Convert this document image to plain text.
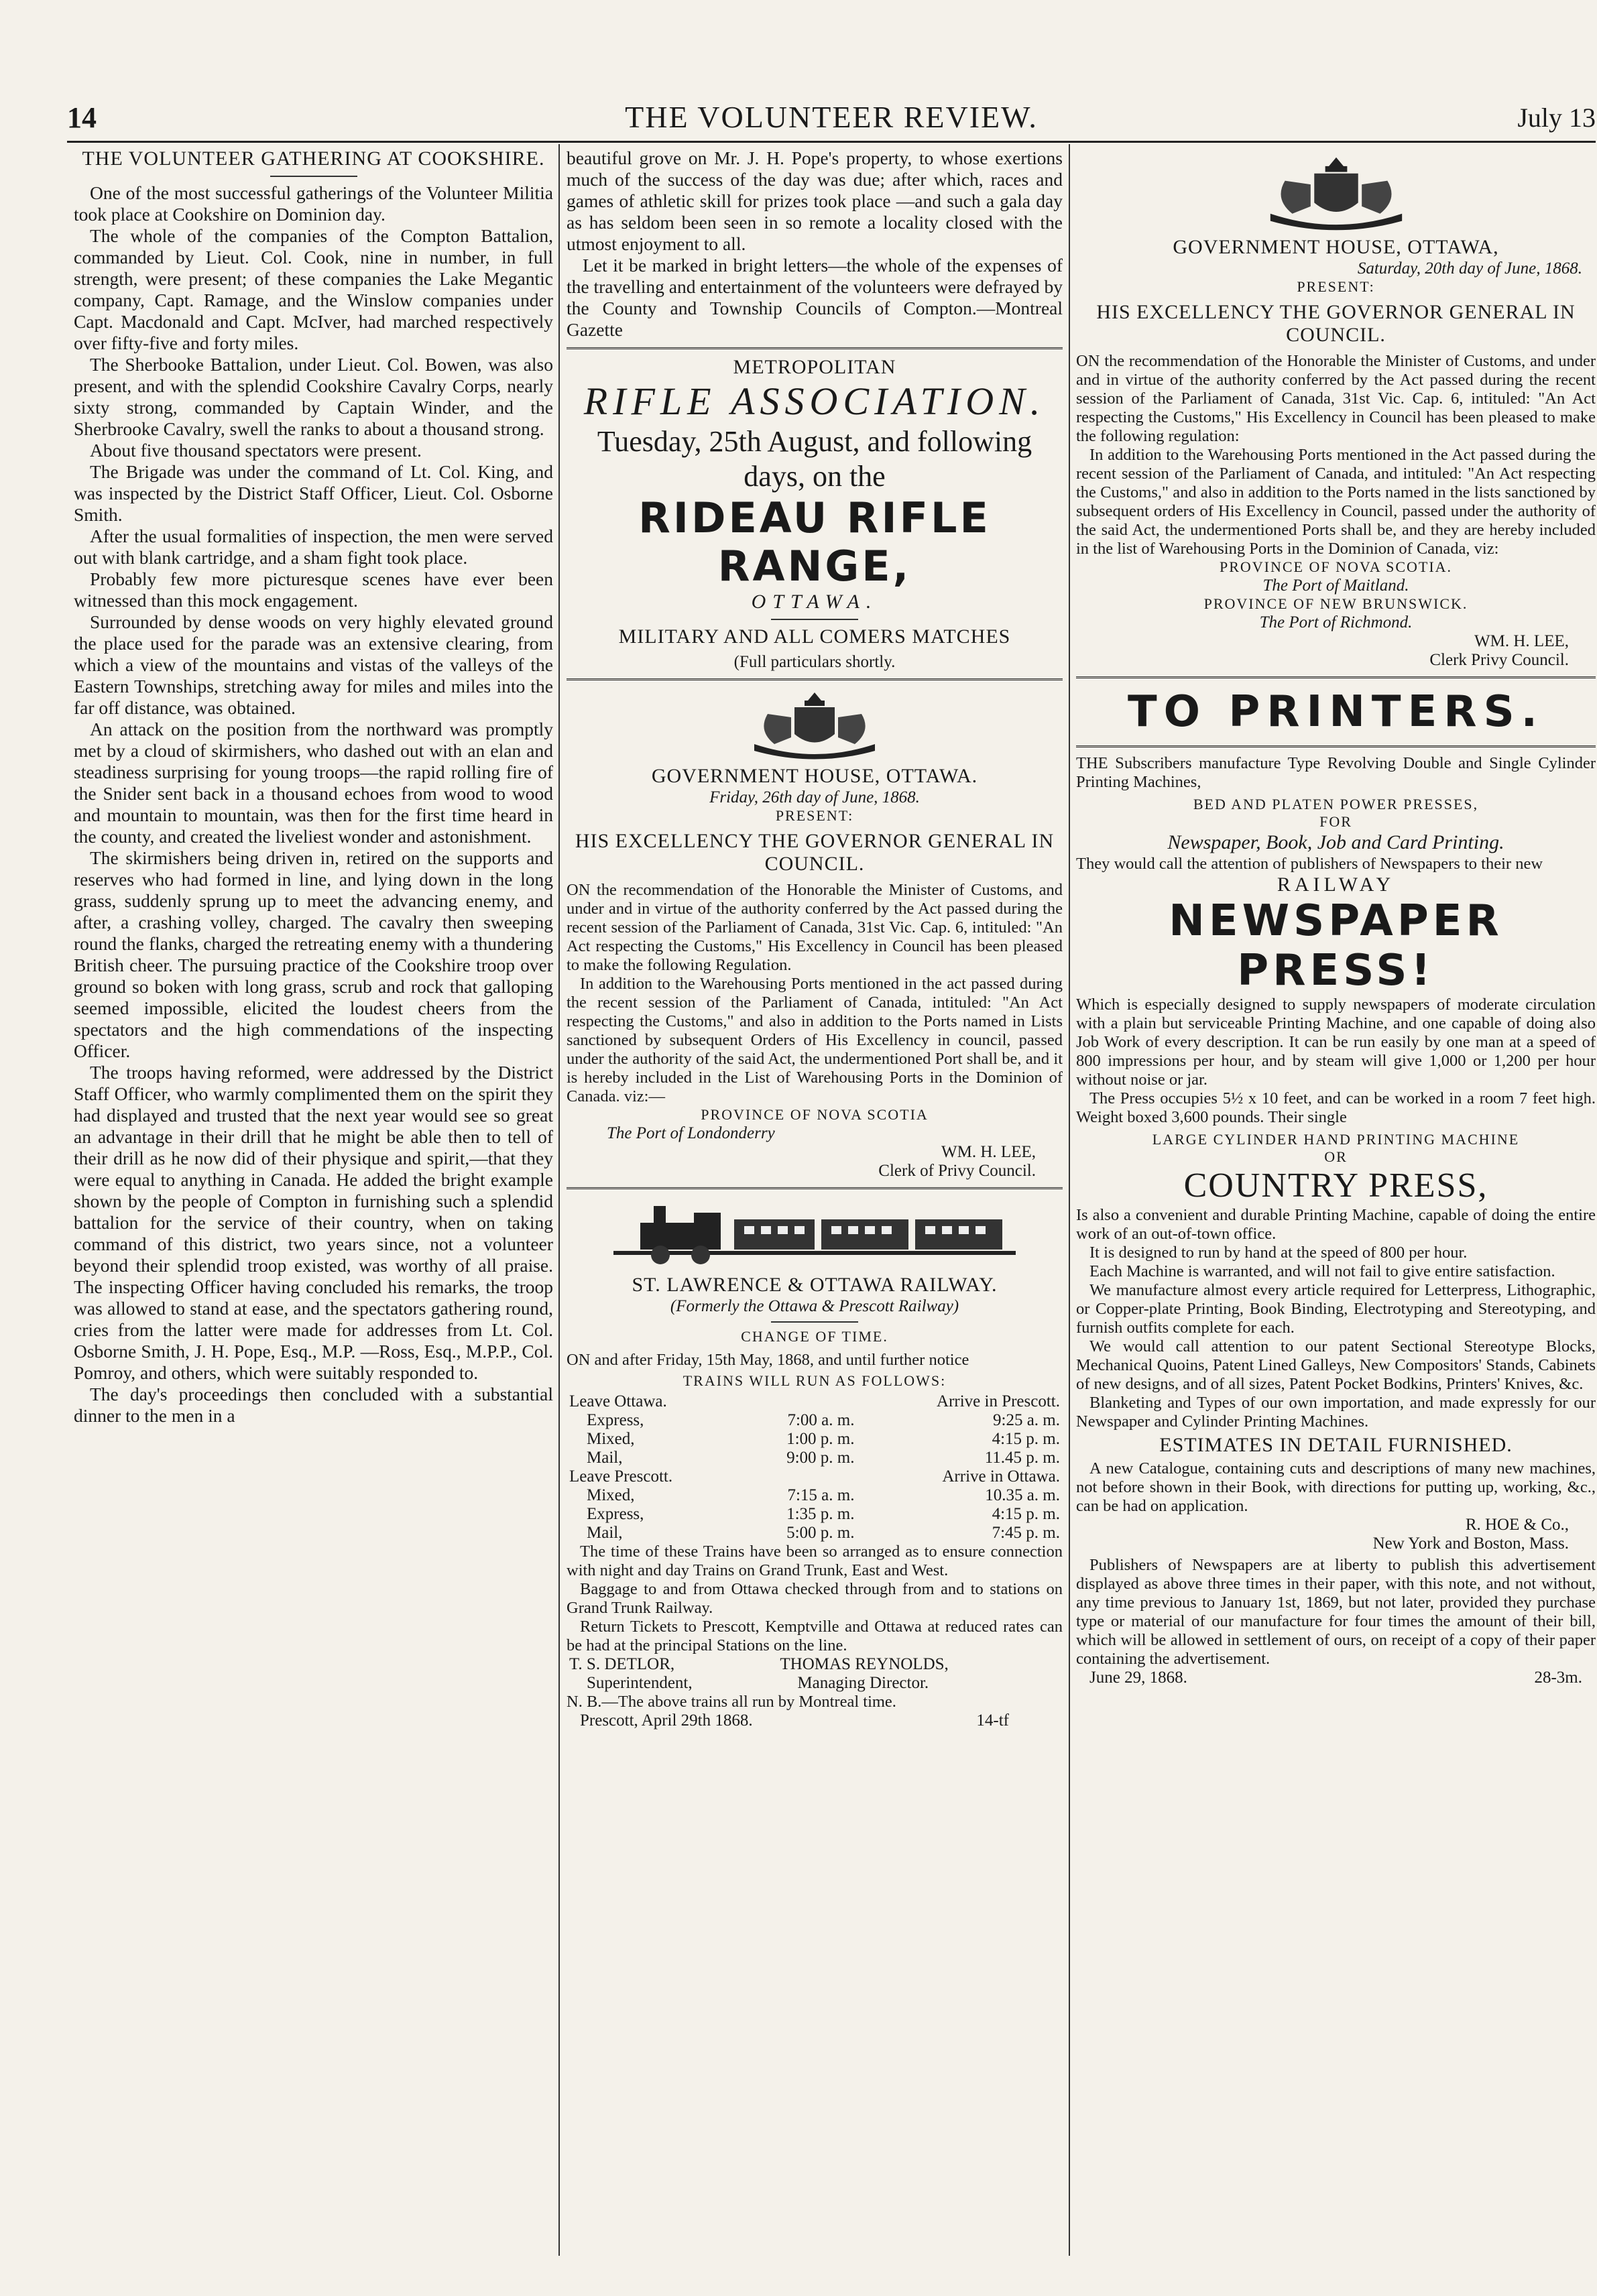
14	THE VOLUNTEER REVIEW.	July 13
THE VOLUNTEER GATHERING AT COOKSHIRE.

One of the most successful gatherings of the Volunteer Militia took place at Cookshire on Dominion day.

The whole of the companies of the Compton Battalion, commanded by Lieut. Col. Cook, nine in number, in full strength, were present; of these companies the Lake Megantic company, Capt. Ramage, and the Winslow companies under Capt. Macdonald and Capt. McIver, had marched respectively over fifty-five and forty miles.

The Sherbooke Battalion, under Lieut. Col. Bowen, was also present, and with the splendid Cookshire Cavalry Corps, nearly sixty strong, commanded by Captain Winder, and the Sherbrooke Cavalry, swell the ranks to about a thousand strong.

About five thousand spectators were present.

The Brigade was under the command of Lt. Col. King, and was inspected by the District Staff Officer, Lieut. Col. Osborne Smith.

After the usual formalities of inspection, the men were served out with blank cartridge, and a sham fight took place.

Probably few more picturesque scenes have ever been witnessed than this mock engagement.

Surrounded by dense woods on very highly elevated ground the place used for the parade was an extensive clearing, from which a view of the mountains and vistas of the valleys of the Eastern Townships, stretching away for miles and miles into the far off distance, was obtained.

An attack on the position from the northward was promptly met by a cloud of skirmishers, who dashed out with an elan and steadiness surprising for young troops—the rapid rolling fire of the Snider sent back in a thousand echoes from wood to wood and mountain to mountain, was then for the first time heard in the county, and created the liveliest wonder and astonishment.

The skirmishers being driven in, retired on the supports and reserves who had formed in line, and lying down in the long grass, suddenly sprung up to meet the advancing enemy, and after, a crashing volley, charged. The cavalry then sweeping round the flanks, charged the retreating enemy with a thundering British cheer. The pursuing practice of the Cookshire troop over ground so boken with long grass, scrub and rock that galloping seemed impossible, elicited the loudest cheers from the spectators and the high commendations of the inspecting Officer.

The troops having reformed, were addressed by the District Staff Officer, who warmly complimented them on the spirit they had displayed and trusted that the next year would see so great an advantage in their drill that he might be able then to tell of their drill as he now did of their physique and spirit,—that they were equal to anything in Canada. He added the bright example shown by the people of Compton in furnishing such a splendid battalion for the service of their country, when on taking command of this district, two years since, not a volunteer beyond their splendid troop existed, was worthy of all praise. The inspecting Officer having concluded his remarks, the troop was allowed to stand at ease, and the spectators gathering round, cries from the latter were made for addresses from Lt. Col. Osborne Smith, J. H. Pope, Esq., M.P. —Ross, Esq., M.P.P., Col. Pomroy, and others, which were suitably responded to.

The day's proceedings then concluded with a substantial dinner to the men in a

beautiful grove on Mr. J. H. Pope's property, to whose exertions much of the success of the day was due; after which, races and games of athletic skill for prizes took place —and such a gala day as has seldom been seen in so remote a locality closed with the utmost enjoyment to all.

Let it be marked in bright letters—the whole of the expenses of the travelling and entertainment of the volunteers were defrayed by the County and Township Councils of Compton.—Montreal Gazette

METROPOLITAN
RIFLE ASSOCIATION.
Tuesday, 25th August, and following days, on the
RIDEAU RIFLE RANGE,
OTTAWA.
MILITARY AND ALL COMERS MATCHES
(Full particulars shortly.
GOVERNMENT HOUSE, OTTAWA.
Friday, 26th day of June, 1868.
PRESENT:
HIS EXCELLENCY THE GOVERNOR GENERAL IN COUNCIL.

ON the recommendation of the Honorable the Minister of Customs, and under and in virtue of the authority conferred by the Act passed during the recent session of the Parliament of Canada, 31st Vic. Cap. 6, intituled: "An Act respecting the Customs," His Excellency in Council has been pleased to make the following Regulation.

In addition to the Warehousing Ports mentioned in the act passed during the recent session of the Parliament of Canada, intituled: "An Act respecting the Customs," and also in addition to the Ports named in Lists sanctioned by subsequent Orders of His Excellency in council, passed under the authority of the said Act, the undermentioned Port shall be, and it is hereby included in the List of Warehousing Ports in the Dominion of Canada. viz:—

PROVINCE OF NOVA SCOTIA
The Port of Londonderry
WM. H. LEE,
Clerk of Privy Council.
ST. LAWRENCE & OTTAWA RAILWAY.
(Formerly the Ottawa & Prescott Railway)
CHANGE OF TIME.

ON and after Friday, 15th May, 1868, and until further notice

TRAINS WILL RUN AS FOLLOWS:
Leave Ottawa.		Arrive in Prescott.
Express,	7:00 a. m.	9:25 a. m.
Mixed,	1:00 p. m.	4:15 p. m.
Mail,	9:00 p. m.	11.45 p. m.
Leave Prescott.		Arrive in Ottawa.
Mixed,	7:15 a. m.	10.35 a. m.
Express,	1:35 p. m.	4:15 p. m.
Mail,	5:00 p. m.	7:45 p. m.

The time of these Trains have been so arranged as to ensure connection with night and day Trains on Grand Trunk, East and West.

Baggage to and from Ottawa checked through from and to stations on Grand Trunk Railway.

Return Tickets to Prescott, Kemptville and Ottawa at reduced rates can be had at the principal Stations on the line.

T. S. DETLOR,	THOMAS REYNOLDS,
Superintendent,	Managing Director.

N. B.—The above trains all run by Montreal time.

Prescott, April 29th 1868.	14-tf
GOVERNMENT HOUSE, OTTAWA,
Saturday, 20th day of June, 1868.
PRESENT:
HIS EXCELLENCY THE GOVERNOR GENERAL IN COUNCIL.

ON the recommendation of the Honorable the Minister of Customs, and under and in virtue of the authority conferred by the Act passed during the recent session of the Parliament of Canada, 31st Vic. Cap. 6, intituled: "An Act respecting the Customs," His Excellency in Council has been pleased to make the following regulation:

In addition to the Warehousing Ports mentioned in the Act passed during the recent session of the Parliament of Canada, and intituled: "An Act respecting the Customs," and also in addition to the Ports named in the lists sanctioned by subsequent orders of His Excellency in Council, passed under the authority of the said Act, the undermentioned Ports shall be, and they are hereby included in the list of Warehousing Ports in the Dominion of Canada, viz:

PROVINCE OF NOVA SCOTIA.
The Port of Maitland.
PROVINCE OF NEW BRUNSWICK.
The Port of Richmond.
WM. H. LEE,
Clerk Privy Council.
TO PRINTERS.

THE Subscribers manufacture Type Revolving Double and Single Cylinder Printing Machines,

BED AND PLATEN POWER PRESSES,
FOR
Newspaper, Book, Job and Card Printing.

They would call the attention of publishers of Newspapers to their new

RAILWAY
NEWSPAPER PRESS!

Which is especially designed to supply newspapers of moderate circulation with a plain but serviceable Printing Machine, and one capable of doing also Job Work of every description. It can be run easily by one man at a speed of 800 impressions per hour, and by steam will give 1,000 or 1,200 per hour without noise or jar.

The Press occupies 5½ x 10 feet, and can be worked in a room 7 feet high. Weight boxed 3,600 pounds. Their single

LARGE CYLINDER HAND PRINTING MACHINE
OR
COUNTRY PRESS,

Is also a convenient and durable Printing Machine, capable of doing the entire work of an out-of-town office.

It is designed to run by hand at the speed of 800 per hour.

Each Machine is warranted, and will not fail to give entire satisfaction.

We manufacture almost every article required for Letterpress, Lithographic, or Copper-plate Printing, Book Binding, Electrotyping and Stereotyping, and furnish outfits complete for each.

We would call attention to our patent Sectional Stereotype Blocks, Mechanical Quoins, Patent Lined Galleys, New Compositors' Stands, Cabinets of new designs, and of all sizes, Patent Pocket Bodkins, Printers' Knives, &c.

Blanketing and Types of our own importation, and made expressly for our Newspaper and Cylinder Printing Machines.

ESTIMATES IN DETAIL FURNISHED.

A new Catalogue, containing cuts and descriptions of many new machines, not before shown in their Book, with directions for putting up, working, &c., can be had on application.

R. HOE & Co.,
New York and Boston, Mass.

Publishers of Newspapers are at liberty to publish this advertisement displayed as above three times in their paper, with this note, and not without, any time previous to January 1st, 1869, but not later, provided they purchase type or material of our manufacture for four times the amount of their bill, which will be allowed in settlement of ours, on receipt of a copy of their paper containing the advertisement.

June 29, 1868.	28-3m.
